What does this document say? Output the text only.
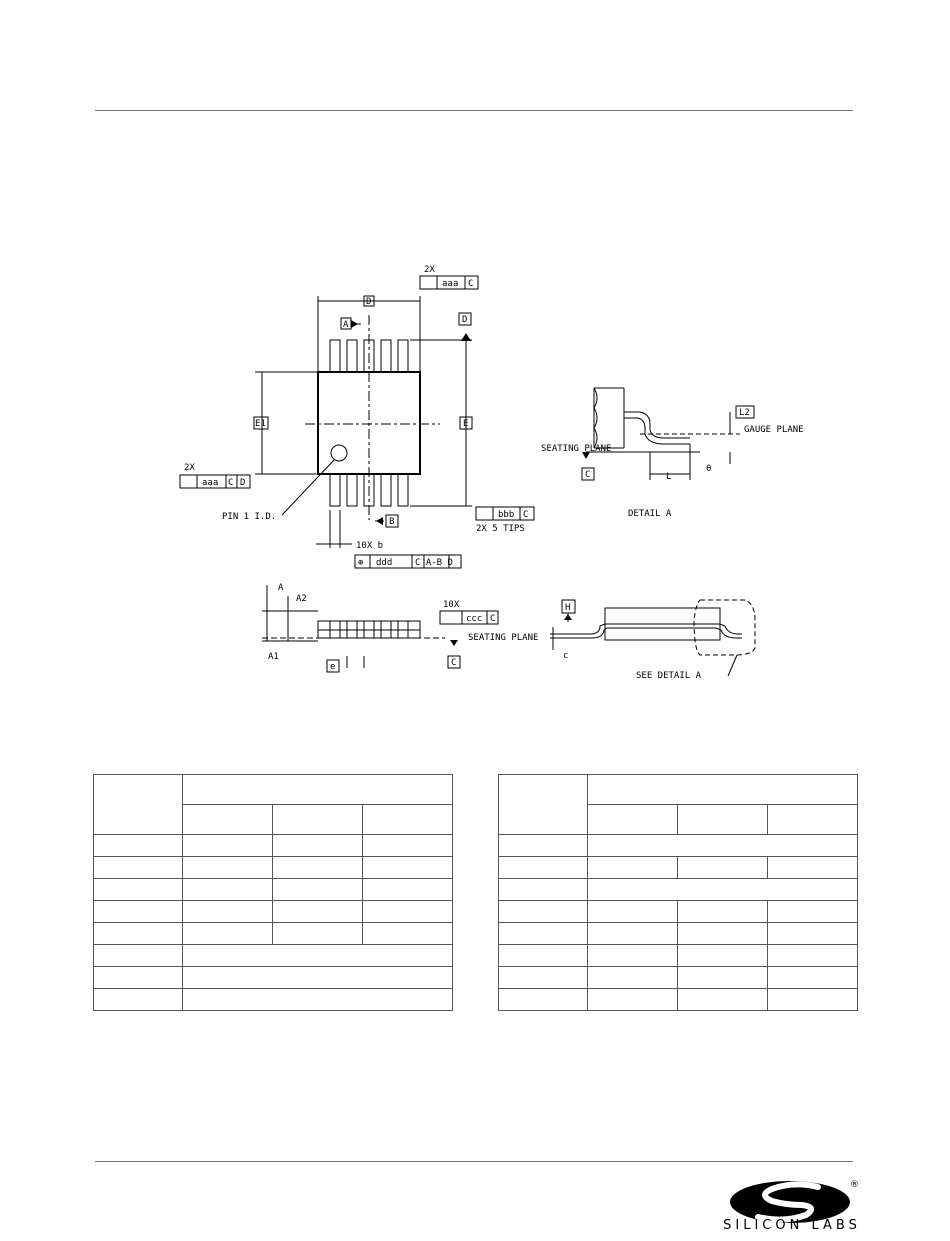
D
A	D
B
E1	E
2X
aaa C
2X
aaa C D
bbb C
2X 5 TIPS
PIN 1 I.D.
10X b
⊕ ddd	C A-B D
A
A2
A1
e
10X
ccc C
SEATING PLANE
C
H
c
SEE DETAIL A
DETAIL A
L
L2
θ
GAUGE PLANE
SEATING PLANE
C

®
SILICON LABS
